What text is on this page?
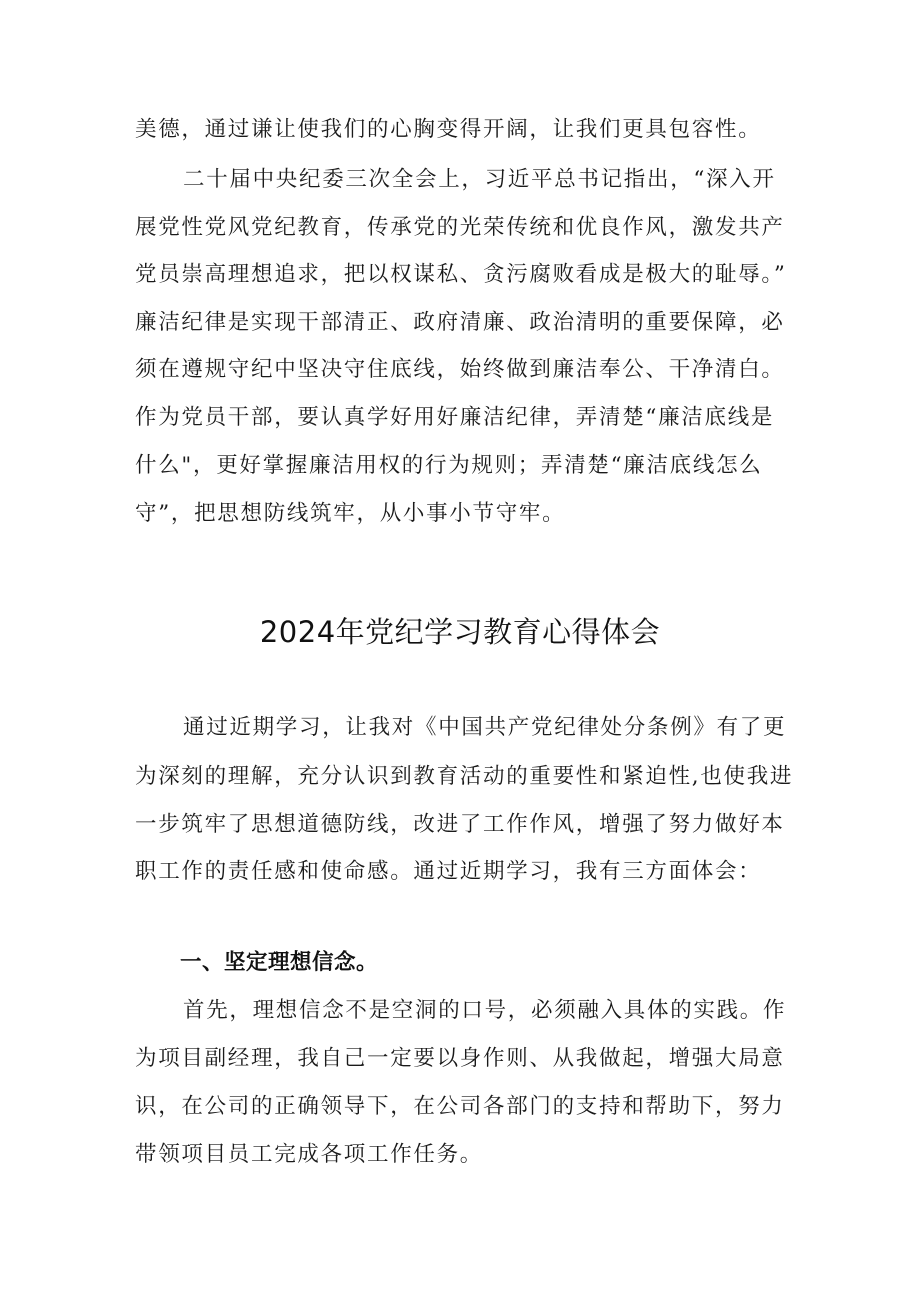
美德，通过谦让使我们的心胸变得开阔，让我们更具包容性。
二十届中央纪委三次全会上，习近平总书记指出，“深入开
展党性党风党纪教育，传承党的光荣传统和优良作风，激发共产
党员崇高理想追求，把以权谋私、贪污腐败看成是极大的耻辱。”
廉洁纪律是实现干部清正、政府清廉、政治清明的重要保障，必
须在遵规守纪中坚决守住底线，始终做到廉洁奉公、干净清白。
作为党员干部，要认真学好用好廉洁纪律，弄清楚“廉洁底线是
什么"，更好掌握廉洁用权的行为规则；弄清楚“廉洁底线怎么
守”，把思想防线筑牢，从小事小节守牢。
2024年党纪学习教育心得体会
通过近期学习，让我对《中国共产党纪律处分条例》有了更
为深刻的理解，充分认识到教育活动的重要性和紧迫性,也使我进
一步筑牢了思想道德防线，改进了工作作风，增强了努力做好本
职工作的责任感和使命感。通过近期学习，我有三方面体会：
一、坚定理想信念。
首先，理想信念不是空洞的口号，必须融入具体的实践。作
为项目副经理，我自己一定要以身作则、从我做起，增强大局意
识，在公司的正确领导下，在公司各部门的支持和帮助下，努力
带领项目员工完成各项工作任务。
